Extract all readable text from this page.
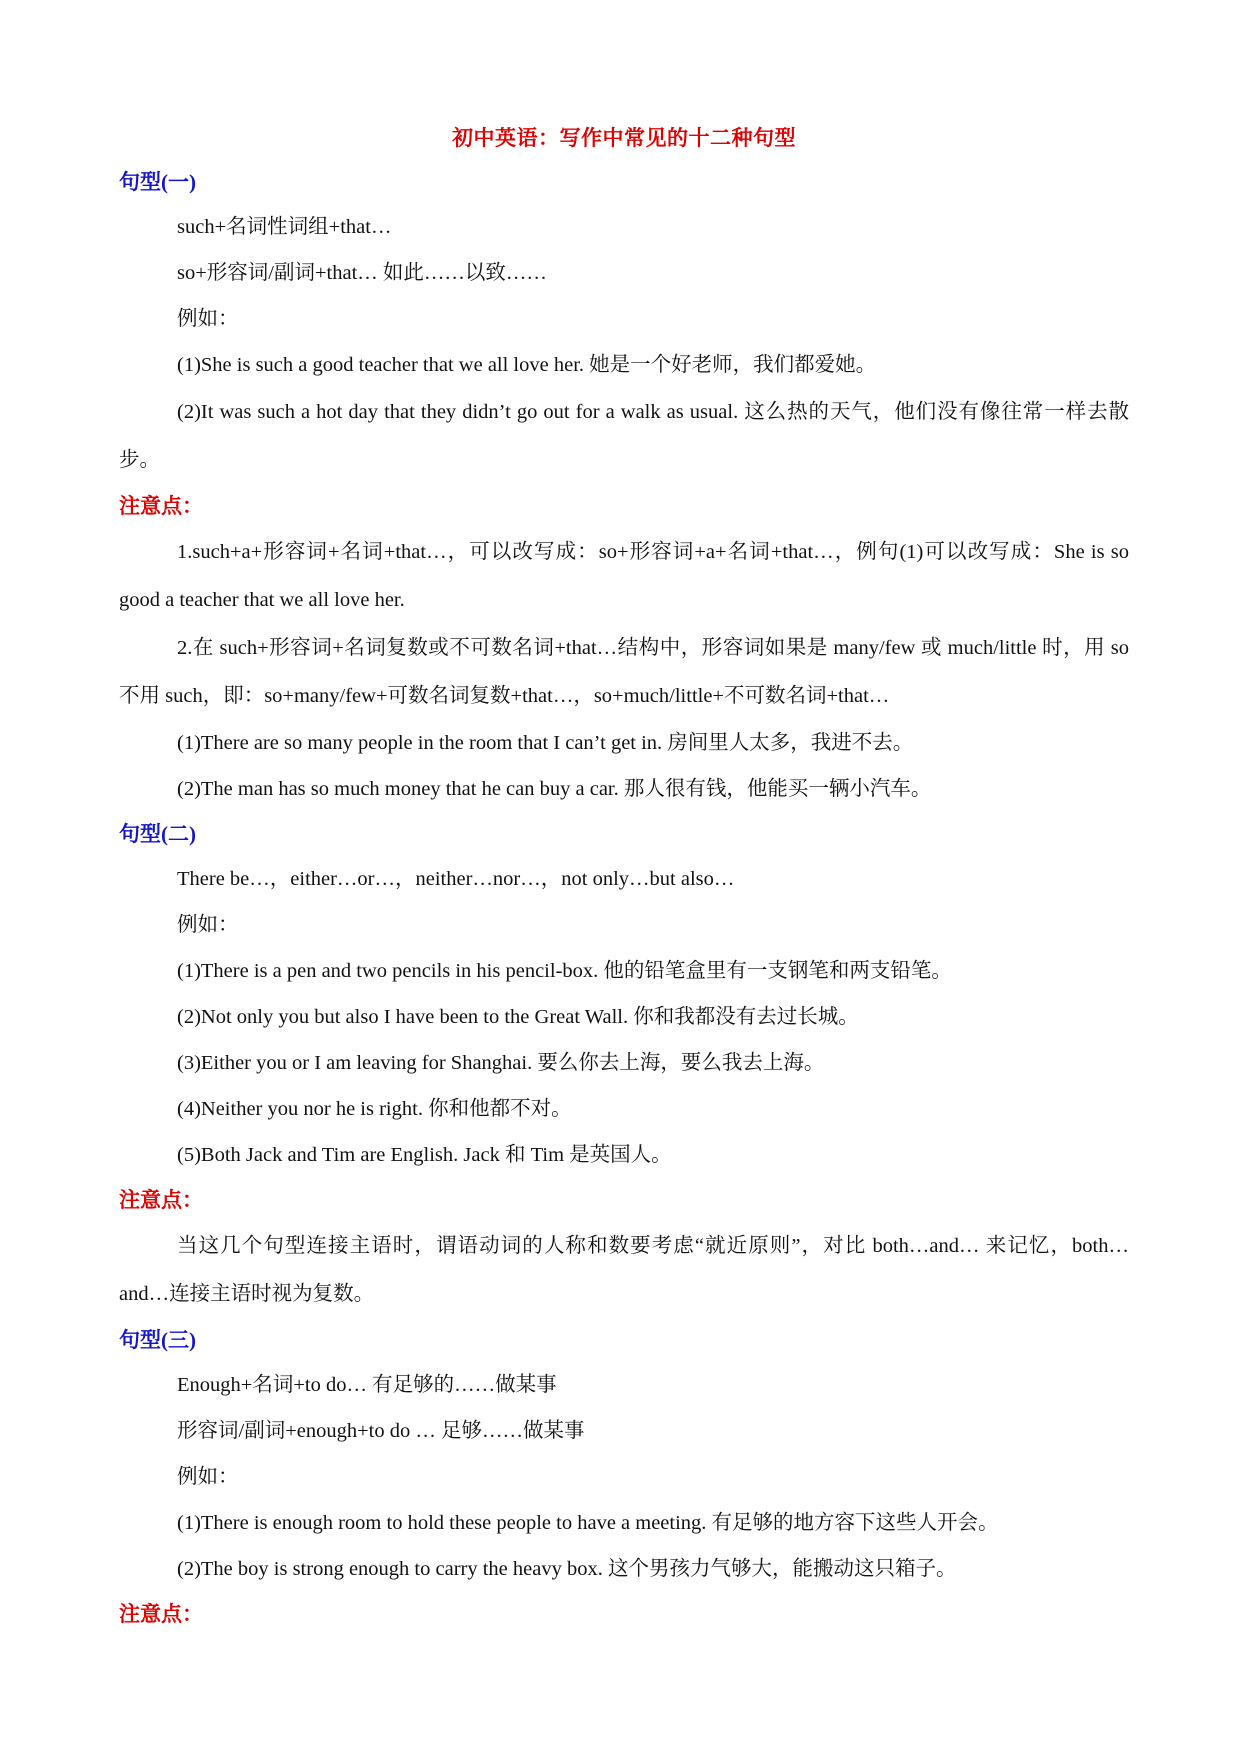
初中英语：写作中常见的十二种句型

句型(一)

such+名词性词组+that…

so+形容词/副词+that… 如此……以致……

例如：

(1)She is such a good teacher that we all love her. 她是一个好老师，我们都爱她。

(2)It was such a hot day that they didn’t go out for a walk as usual. 这么热的天气，他们没有像往常一样去散步。

注意点：

1.such+a+形容词+名词+that…，可以改写成：so+形容词+a+名词+that…，例句(1)可以改写成：She is so good a teacher that we all love her.

2.在 such+形容词+名词复数或不可数名词+that…结构中，形容词如果是 many/few 或 much/little 时，用 so 不用 such，即：so+many/few+可数名词复数+that…，so+much/little+不可数名词+that…

(1)There are so many people in the room that I can’t get in. 房间里人太多，我进不去。

(2)The man has so much money that he can buy a car. 那人很有钱，他能买一辆小汽车。

句型(二)

There be…，either…or…，neither…nor…，not only…but also…

例如：

(1)There is a pen and two pencils in his pencil-box. 他的铅笔盒里有一支钢笔和两支铅笔。

(2)Not only you but also I have been to the Great Wall. 你和我都没有去过长城。

(3)Either you or I am leaving for Shanghai. 要么你去上海，要么我去上海。

(4)Neither you nor he is right. 你和他都不对。

(5)Both Jack and Tim are English. Jack 和 Tim 是英国人。

注意点：

当这几个句型连接主语时，谓语动词的人称和数要考虑“就近原则”，对比 both…and… 来记忆，both…and…连接主语时视为复数。

句型(三)

Enough+名词+to do… 有足够的……做某事

形容词/副词+enough+to do … 足够……做某事

例如：

(1)There is enough room to hold these people to have a meeting. 有足够的地方容下这些人开会。

(2)The boy is strong enough to carry the heavy box. 这个男孩力气够大，能搬动这只箱子。

注意点：
